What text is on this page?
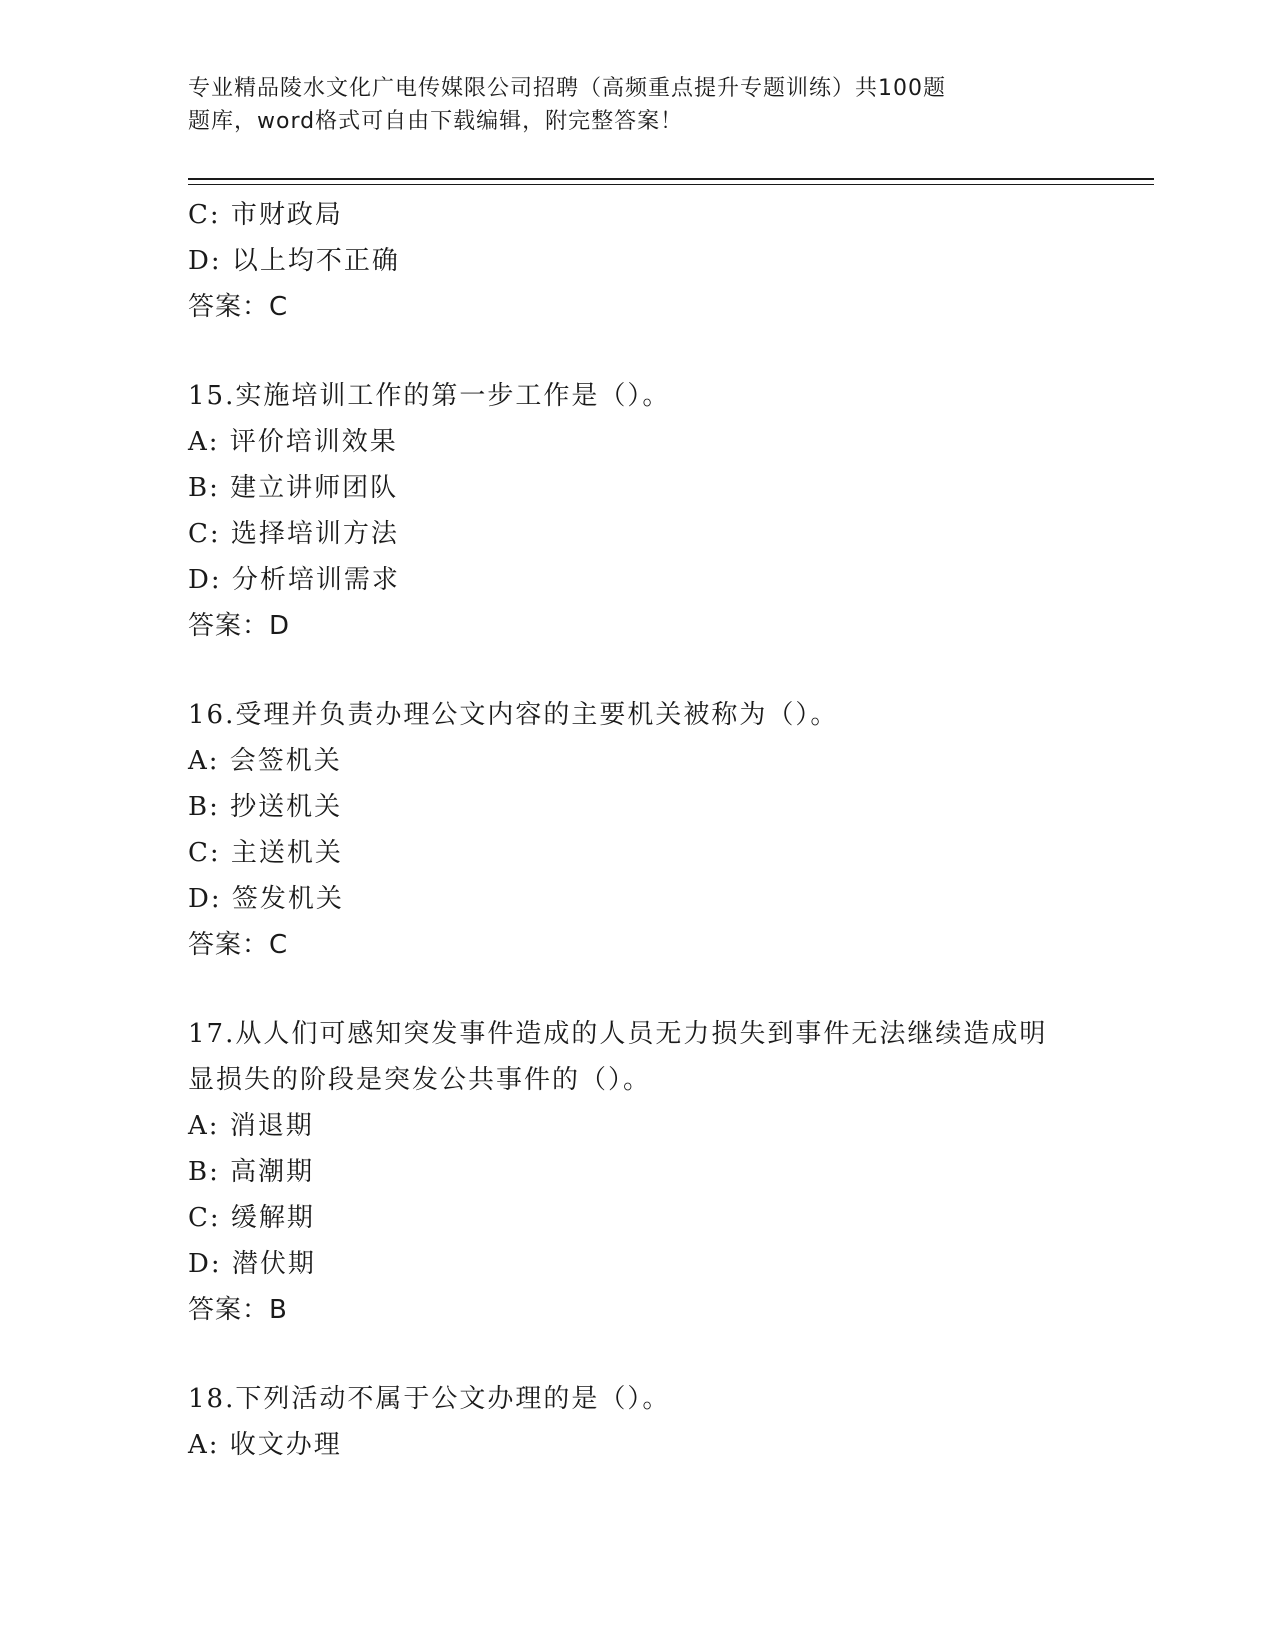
专业精品陵水文化广电传媒限公司招聘（高频重点提升专题训练）共100题
题库，word格式可自由下载编辑，附完整答案！
C: 市财政局
D: 以上均不正确
答案：C
15.实施培训工作的第一步工作是（）。
A: 评价培训效果
B: 建立讲师团队
C: 选择培训方法
D: 分析培训需求
答案：D
16.受理并负责办理公文内容的主要机关被称为（）。
A: 会签机关
B: 抄送机关
C: 主送机关
D: 签发机关
答案：C
17.从人们可感知突发事件造成的人员无力损失到事件无法继续造成明
显损失的阶段是突发公共事件的（）。
A: 消退期
B: 高潮期
C: 缓解期
D: 潜伏期
答案：B
18.下列活动不属于公文办理的是（）。
A: 收文办理
